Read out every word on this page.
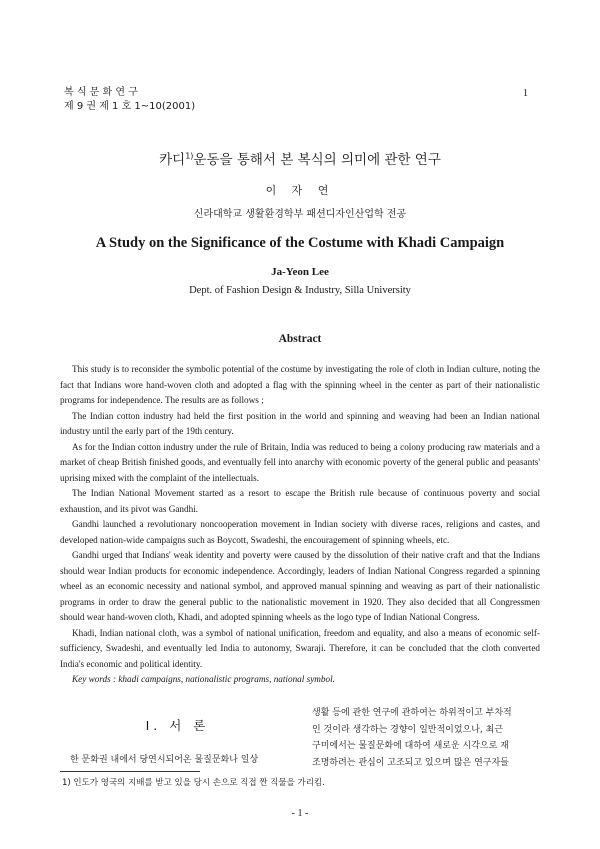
복 식 문 화 연 구
제 9 권 제 1 호 1~10(2001)
1
카디$^{1)}$운동을 통해서 본 복식의 의미에 관한 연구
이 자 연
신라대학교 생활환경학부 패션디자인산업학 전공
A Study on the Significance of the Costume with Khadi Campaign
Ja-Yeon Lee
Dept. of Fashion Design & Industry, Silla University
Abstract

This study is to reconsider the symbolic potential of the costume by investigating the role of cloth in Indian culture, noting the fact that Indians wore hand-woven cloth and adopted a flag with the spinning wheel in the center as part of their nationalistic programs for independence. The results are as follows ;

The Indian cotton industry had held the first position in the world and spinning and weaving had been an Indian national industry until the early part of the 19th century.

As for the Indian cotton industry under the rule of Britain, India was reduced to being a colony producing raw materials and a market of cheap British finished goods, and eventually fell into anarchy with economic poverty of the general public and peasants' uprising mixed with the complaint of the intellectuals.

The Indian National Movement started as a resort to escape the British rule because of continuous poverty and social exhaustion, and its pivot was Gandhi.

Gandhi launched a revolutionary noncooperation movement in Indian society with diverse races, religions and castes, and developed nation-wide campaigns such as Boycott, Swadeshi, the encouragement of spinning wheels, etc.

Gandhi urged that Indians' weak identity and poverty were caused by the dissolution of their native craft and that the Indians should wear Indian products for economic independence. Accordingly, leaders of Indian National Congress regarded a spinning wheel as an economic necessity and national symbol, and approved manual spinning and weaving as part of their nationalistic programs in order to draw the general public to the nationalistic movement in 1920. They also decided that all Congressmen should wear hand-woven cloth, Khadi, and adopted spinning wheels as the logo type of Indian National Congress.

Khadi, Indian national cloth, was a symbol of national unification, freedom and equality, and also a means of economic self-sufficiency, Swadeshi, and eventually led India to autonomy, Swaraji. Therefore, it can be concluded that the cloth converted India's economic and political identity.

Key words : khadi campaigns, nationalistic programs, national symbol.

Ⅰ. 서 론
한 문화권 내에서 당연시되어온 물질문화나 일상
생활 등에 관한 연구에 관하여는 하위적이고 부차적
인 것이라 생각하는 경향이 일반적이었으나, 최근
구미에서는 물질문화에 대하여 새로운 시각으로 재
조명하려는 관심이 고조되고 있으며 많은 연구자들
1) 인도가 영국의 지배를 받고 있을 당시 손으로 직접 짠 직물을 가리킴.
- 1 -
